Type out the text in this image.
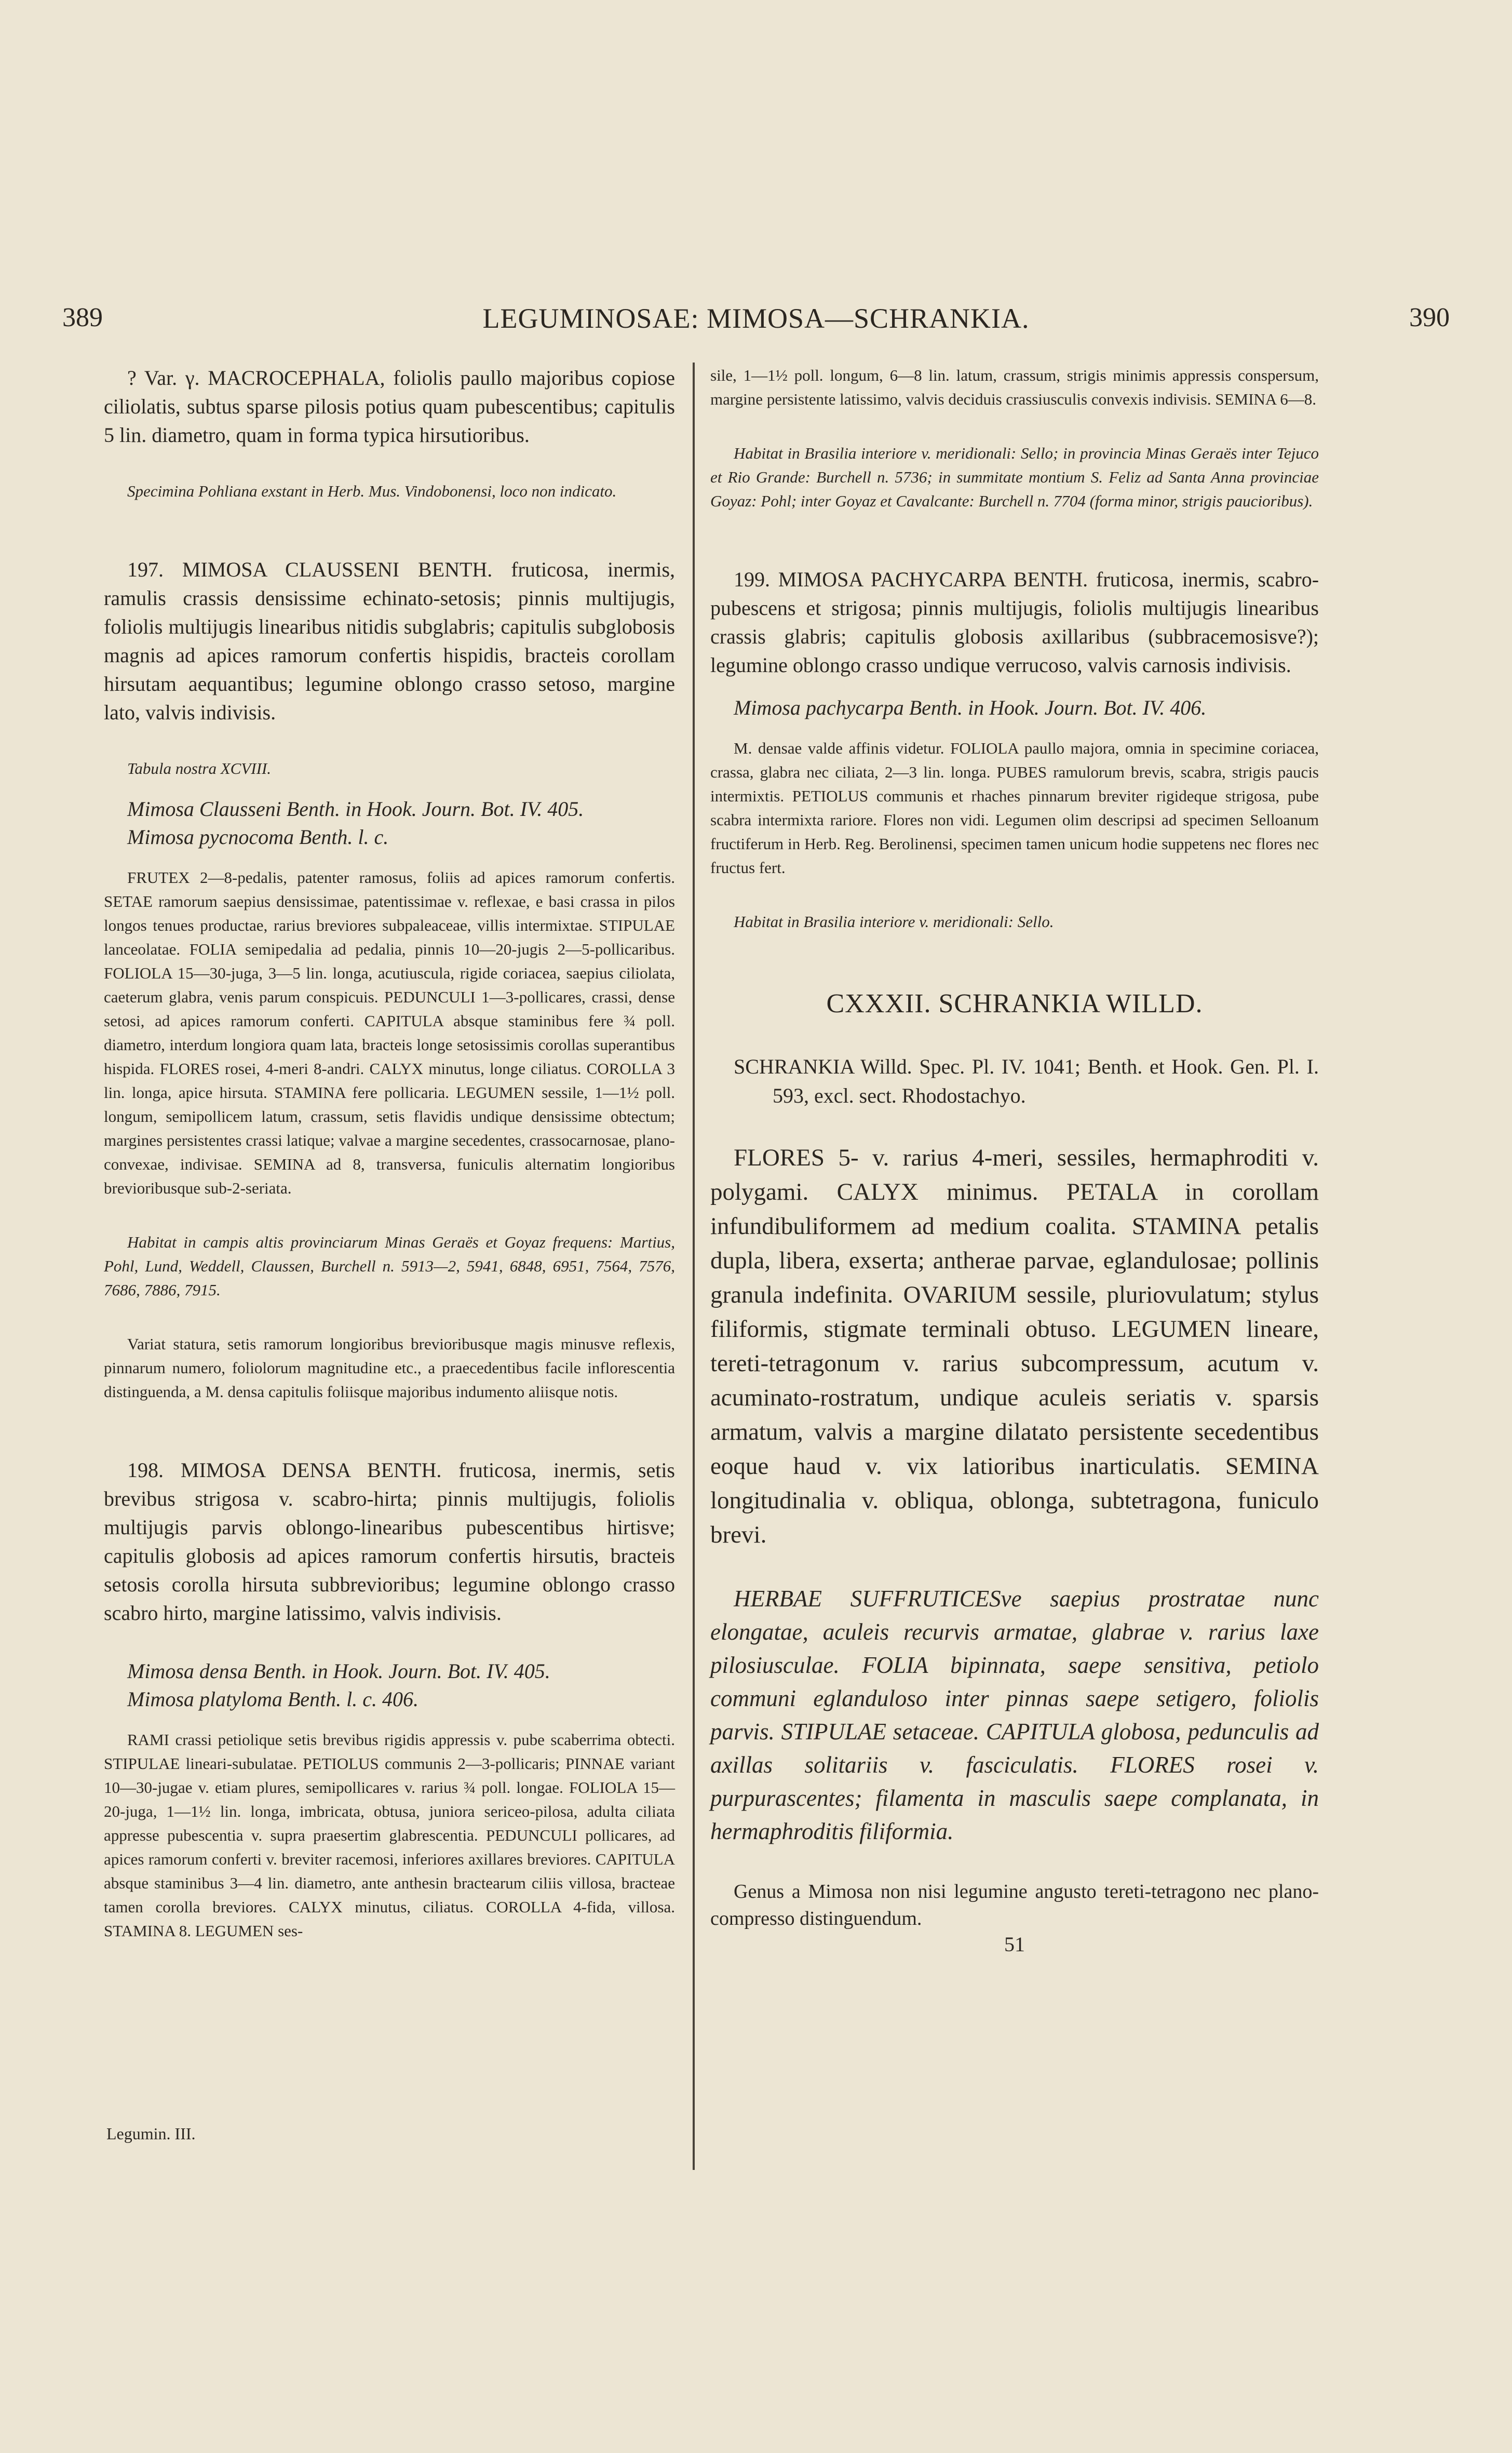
389	LEGUMINOSAE: MIMOSA—SCHRANKIA.	390

? Var. γ. MACROCEPHALA, foliolis paullo majoribus copiose ciliolatis, subtus sparse pilosis potius quam pubescentibus; capitulis 5 lin. diametro, quam in forma typica hirsutioribus.

Specimina Pohliana exstant in Herb. Mus. Vindobonensi, loco non indicato.

197. MIMOSA CLAUSSENI BENTH. fruticosa, inermis, ramulis crassis densissime echinato-setosis; pinnis multijugis, foliolis multijugis linearibus nitidis subglabris; capitulis subglobosis magnis ad apices ramorum confertis hispidis, bracteis corollam hirsutam aequantibus; legumine oblongo crasso setoso, margine lato, valvis indivisis.

Tabula nostra XCVIII.

Mimosa Clausseni Benth. in Hook. Journ. Bot. IV. 405.

Mimosa pycnocoma Benth. l. c.

FRUTEX 2—8-pedalis, patenter ramosus, foliis ad apices ramorum confertis. SETAE ramorum saepius densissimae, patentissimae v. reflexae, e basi crassa in pilos longos tenues productae, rarius breviores subpaleaceae, villis intermixtae. STIPULAE lanceolatae. FOLIA semipedalia ad pedalia, pinnis 10—20-jugis 2—5-pollicaribus. FOLIOLA 15—30-juga, 3—5 lin. longa, acutiuscula, rigide coriacea, saepius ciliolata, caeterum glabra, venis parum conspicuis. PEDUNCULI 1—3-pollicares, crassi, dense setosi, ad apices ramorum conferti. CAPITULA absque staminibus fere ¾ poll. diametro, interdum longiora quam lata, bracteis longe setosissimis corollas superantibus hispida. FLORES rosei, 4-meri 8-andri. CALYX minutus, longe ciliatus. COROLLA 3 lin. longa, apice hirsuta. STAMINA fere pollicaria. LEGUMEN sessile, 1—1½ poll. longum, semipollicem latum, crassum, setis flavidis undique densissime obtectum; margines persistentes crassi latique; valvae a margine secedentes, crassocarnosae, plano-convexae, indivisae. SEMINA ad 8, transversa, funiculis alternatim longioribus brevioribusque sub-2-seriata.

Habitat in campis altis provinciarum Minas Geraës et Goyaz frequens: Martius, Pohl, Lund, Weddell, Claussen, Burchell n. 5913—2, 5941, 6848, 6951, 7564, 7576, 7686, 7886, 7915.

Variat statura, setis ramorum longioribus brevioribusque magis minusve reflexis, pinnarum numero, foliolorum magnitudine etc., a praecedentibus facile inflorescentia distinguenda, a M. densa capitulis foliisque majoribus indumento aliisque notis.

198. MIMOSA DENSA BENTH. fruticosa, inermis, setis brevibus strigosa v. scabro-hirta; pinnis multijugis, foliolis multijugis parvis oblongo-linearibus pubescentibus hirtisve; capitulis globosis ad apices ramorum confertis hirsutis, bracteis setosis corolla hirsuta subbrevioribus; legumine oblongo crasso scabro hirto, margine latissimo, valvis indivisis.

Mimosa densa Benth. in Hook. Journ. Bot. IV. 405.

Mimosa platyloma Benth. l. c. 406.

RAMI crassi petiolique setis brevibus rigidis appressis v. pube scaberrima obtecti. STIPULAE lineari-subulatae. PETIOLUS communis 2—3-pollicaris; PINNAE variant 10—30-jugae v. etiam plures, semipollicares v. rarius ¾ poll. longae. FOLIOLA 15—20-juga, 1—1½ lin. longa, imbricata, obtusa, juniora sericeo-pilosa, adulta ciliata appresse pubescentia v. supra praesertim glabrescentia. PEDUNCULI pollicares, ad apices ramorum conferti v. breviter racemosi, inferiores axillares breviores. CAPITULA absque staminibus 3—4 lin. diametro, ante anthesin bractearum ciliis villosa, bracteae tamen corolla breviores. CALYX minutus, ciliatus. COROLLA 4-fida, villosa. STAMINA 8. LEGUMEN ses-

Legumin. III.

sile, 1—1½ poll. longum, 6—8 lin. latum, crassum, strigis minimis appressis conspersum, margine persistente latissimo, valvis deciduis crassiusculis convexis indivisis. SEMINA 6—8.

Habitat in Brasilia interiore v. meridionali: Sello; in provincia Minas Geraës inter Tejuco et Rio Grande: Burchell n. 5736; in summitate montium S. Feliz ad Santa Anna provinciae Goyaz: Pohl; inter Goyaz et Cavalcante: Burchell n. 7704 (forma minor, strigis paucioribus).

199. MIMOSA PACHYCARPA BENTH. fruticosa, inermis, scabro-pubescens et strigosa; pinnis multijugis, foliolis multijugis linearibus crassis glabris; capitulis globosis axillaribus (subbracemosisve?); legumine oblongo crasso undique verrucoso, valvis carnosis indivisis.

Mimosa pachycarpa Benth. in Hook. Journ. Bot. IV. 406.

M. densae valde affinis videtur. FOLIOLA paullo majora, omnia in specimine coriacea, crassa, glabra nec ciliata, 2—3 lin. longa. PUBES ramulorum brevis, scabra, strigis paucis intermixtis. PETIOLUS communis et rhaches pinnarum breviter rigideque strigosa, pube scabra intermixta rariore. Flores non vidi. Legumen olim descripsi ad specimen Selloanum fructiferum in Herb. Reg. Berolinensi, specimen tamen unicum hodie suppetens nec flores nec fructus fert.

Habitat in Brasilia interiore v. meridionali: Sello.

CXXXII. SCHRANKIA WILLD.

SCHRANKIA Willd. Spec. Pl. IV. 1041; Benth. et Hook. Gen. Pl. I. 593, excl. sect. Rhodostachyo.

FLORES 5- v. rarius 4-meri, sessiles, hermaphroditi v. polygami. CALYX minimus. PETALA in corollam infundibuliformem ad medium coalita. STAMINA petalis dupla, libera, exserta; antherae parvae, eglandulosae; pollinis granula indefinita. OVARIUM sessile, pluriovulatum; stylus filiformis, stigmate terminali obtuso. LEGUMEN lineare, tereti-tetragonum v. rarius subcompressum, acutum v. acuminato-rostratum, undique aculeis seriatis v. sparsis armatum, valvis a margine dilatato persistente secedentibus eoque haud v. vix latioribus inarticulatis. SEMINA longitudinalia v. obliqua, oblonga, subtetragona, funiculo brevi.

HERBAE SUFFRUTICESve saepius prostratae nunc elongatae, aculeis recurvis armatae, glabrae v. rarius laxe pilosiusculae. FOLIA bipinnata, saepe sensitiva, petiolo communi eglanduloso inter pinnas saepe setigero, foliolis parvis. STIPULAE setaceae. CAPITULA globosa, pedunculis ad axillas solitariis v. fasciculatis. FLORES rosei v. purpurascentes; filamenta in masculis saepe complanata, in hermaphroditis filiformia.

Genus a Mimosa non nisi legumine angusto tereti-tetragono nec plano-compresso distinguendum.

51
